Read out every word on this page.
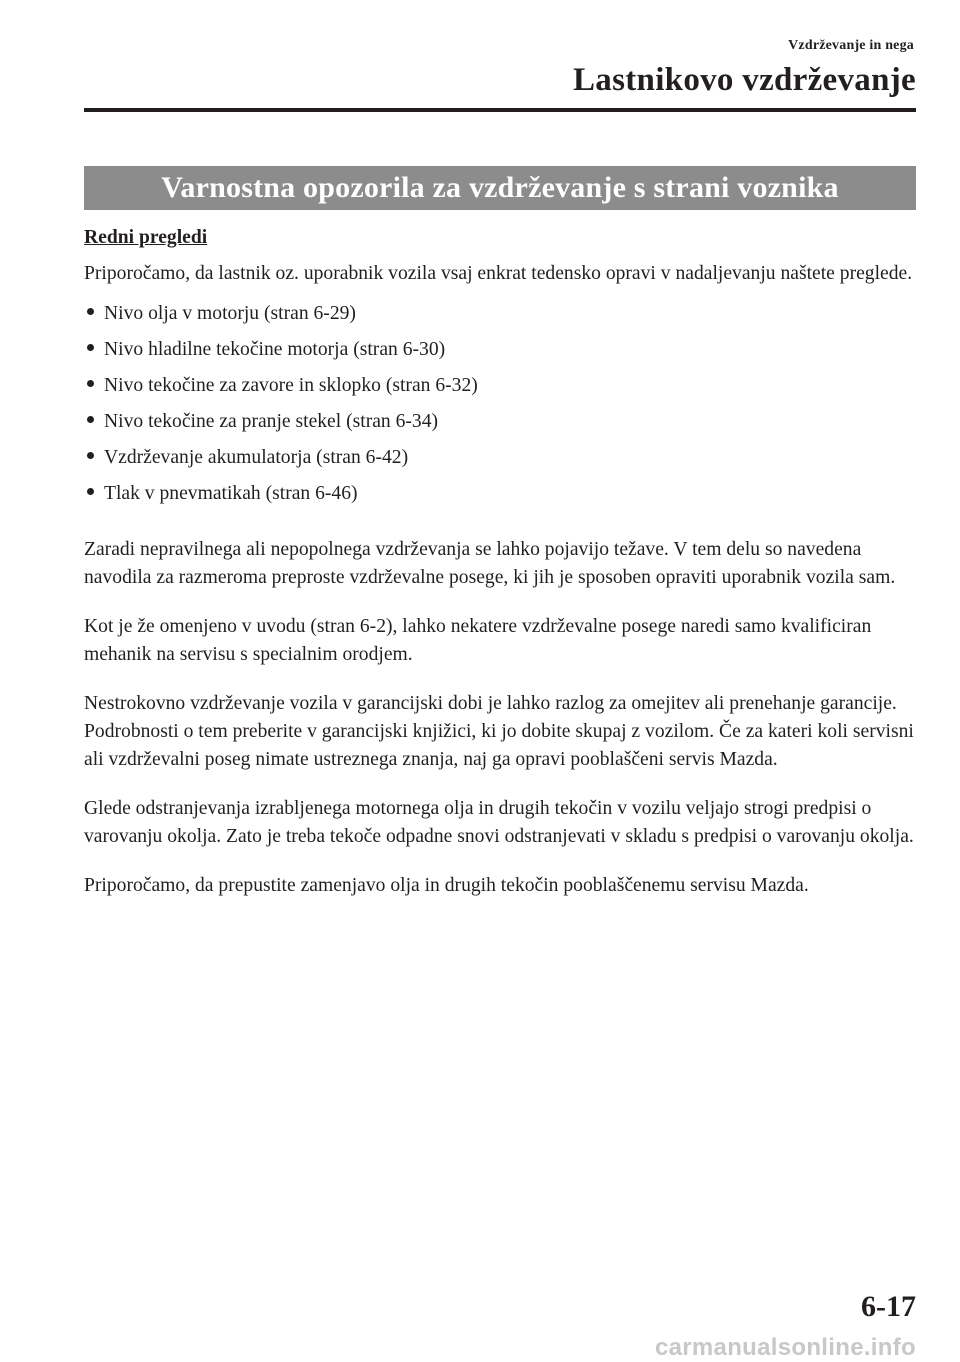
Vzdrževanje in nega
Lastnikovo vzdrževanje
Varnostna opozorila za vzdrževanje s strani voznika
Redni pregledi

Priporočamo, da lastnik oz. uporabnik vozila vsaj enkrat tedensko opravi v nadaljevanju naštete preglede.

Nivo olja v motorju (stran 6-29)
Nivo hladilne tekočine motorja (stran 6-30)
Nivo tekočine za zavore in sklopko (stran 6-32)
Nivo tekočine za pranje stekel (stran 6-34)
Vzdrževanje akumulatorja (stran 6-42)
Tlak v pnevmatikah (stran 6-46)

Zaradi nepravilnega ali nepopolnega vzdrževanja se lahko pojavijo težave. V tem delu so navedena navodila za razmeroma preproste vzdrževalne posege, ki jih je sposoben opraviti uporabnik vozila sam.

Kot je že omenjeno v uvodu (stran 6-2), lahko nekatere vzdrževalne posege naredi samo kvalificiran mehanik na servisu s specialnim orodjem.

Nestrokovno vzdrževanje vozila v garancijski dobi je lahko razlog za omejitev ali prenehanje garancije. Podrobnosti o tem preberite v garancijski knjižici, ki jo dobite skupaj z vozilom. Če za kateri koli servisni ali vzdrževalni poseg nimate ustreznega znanja, naj ga opravi pooblaščeni servis Mazda.

Glede odstranjevanja izrabljenega motornega olja in drugih tekočin v vozilu veljajo strogi predpisi o varovanju okolja. Zato je treba tekoče odpadne snovi odstranjevati v skladu s predpisi o varovanju okolja.

Priporočamo, da prepustite zamenjavo olja in drugih tekočin pooblaščenemu servisu Mazda.

6-17
carmanualsonline.info
